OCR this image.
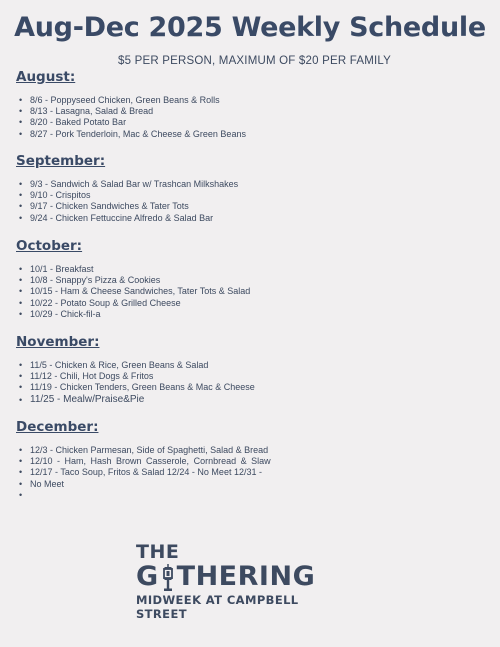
Aug-Dec 2025 Weekly Schedule

$5 PER PERSON, MAXIMUM OF $20 PER FAMILY

August:
• 8/6 - Poppyseed Chicken, Green Beans & Rolls
• 8/13 - Lasagna, Salad & Bread
• 8/20 - Baked Potato Bar
• 8/27 - Pork Tenderloin, Mac & Cheese & Green Beans
September:
• 9/3 - Sandwich & Salad Bar w/ Trashcan Milkshakes
• 9/10 - Crispitos
• 9/17 - Chicken Sandwiches & Tater Tots
• 9/24 - Chicken Fettuccine Alfredo & Salad Bar
October:
• 10/1 - Breakfast
• 10/8 - Snappy's Pizza & Cookies
• 10/15 - Ham & Cheese Sandwiches, Tater Tots & Salad
• 10/22 - Potato Soup & Grilled Cheese
• 10/29 - Chick-fil-a
November:
• 11/5 - Chicken & Rice, Green Beans & Salad
• 11/12 - Chili, Hot Dogs & Fritos
• 11/19 - Chicken Tenders, Green Beans & Mac & Cheese
• 11/25 - Mealw/Praise&Pie
December:
• 12/3 - Chicken Parmesan, Side of Spaghetti, Salad & Bread
• 12/10 - Ham, Hash Brown Casserole, Cornbread & Slaw
• 12/17 - Taco Soup, Fritos & Salad 12/24 - No Meet 12/31 -
• No Meet
•
THE
G THERING
MIDWEEK AT CAMPBELL STREET
